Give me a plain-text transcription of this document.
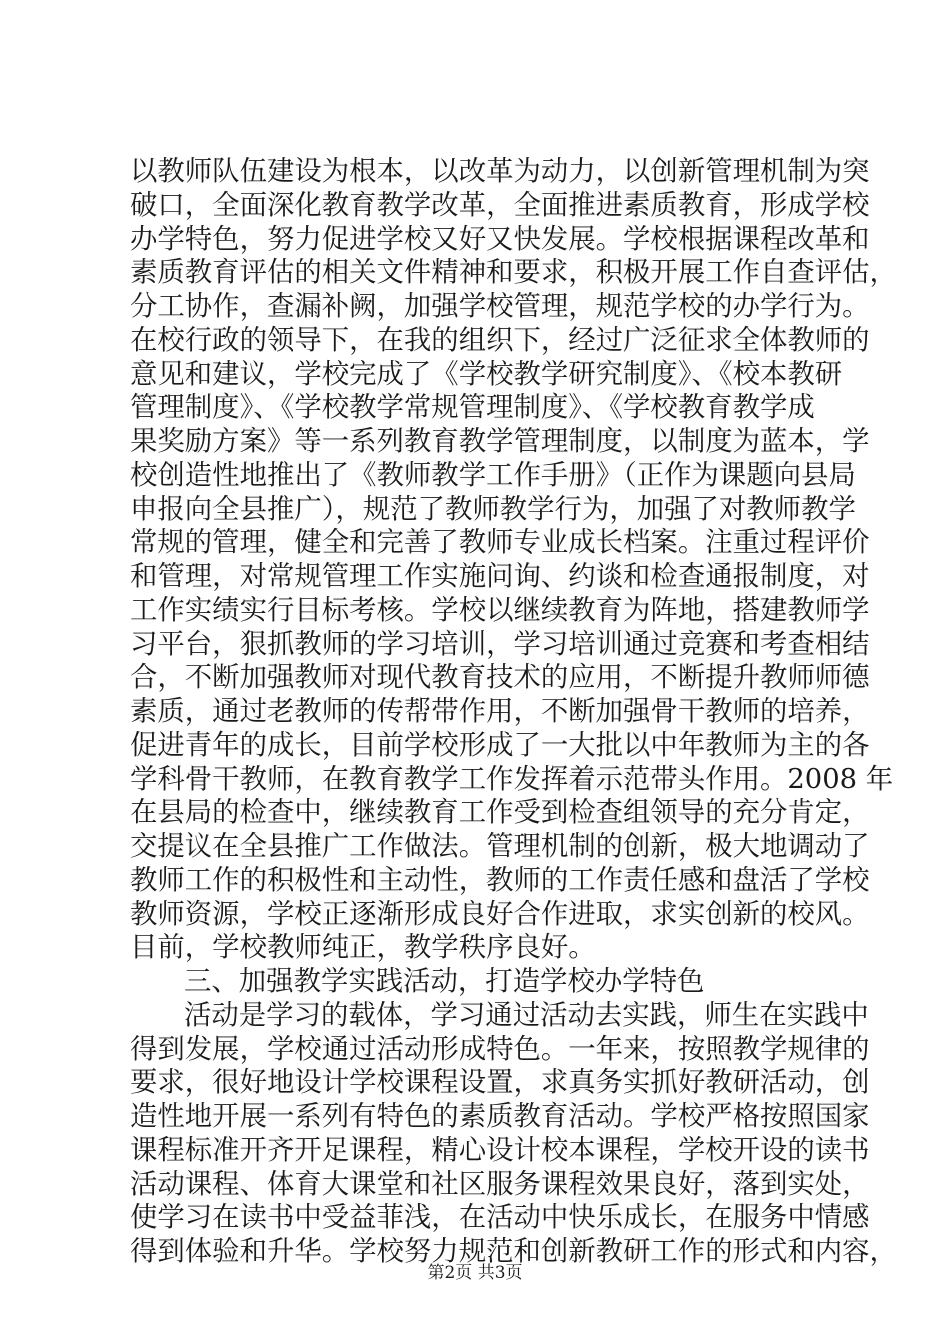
以教师队伍建设为根本，以改革为动力，以创新管理机制为突
破口，全面深化教育教学改革，全面推进素质教育，形成学校
办学特色，努力促进学校又好又快发展。学校根据课程改革和
素质教育评估的相关文件精神和要求，积极开展工作自查评估，
分工协作，查漏补阙，加强学校管理，规范学校的办学行为。
在校行政的领导下，在我的组织下，经过广泛征求全体教师的
意见和建议，学校完成了《学校教学研究制度》、《校本教研
管理制度》、《学校教学常规管理制度》、《学校教育教学成
果奖励方案》等一系列教育教学管理制度，以制度为蓝本，学
校创造性地推出了《教师教学工作手册》（正作为课题向县局
申报向全县推广），规范了教师教学行为，加强了对教师教学
常规的管理，健全和完善了教师专业成长档案。注重过程评价
和管理，对常规管理工作实施问询、约谈和检查通报制度，对
工作实绩实行目标考核。学校以继续教育为阵地，搭建教师学
习平台，狠抓教师的学习培训，学习培训通过竞赛和考查相结
合，不断加强教师对现代教育技术的应用，不断提升教师师德
素质，通过老教师的传帮带作用，不断加强骨干教师的培养，
促进青年的成长，目前学校形成了一大批以中年教师为主的各
学科骨干教师，在教育教学工作发挥着示范带头作用。2008 年
在县局的检查中，继续教育工作受到检查组领导的充分肯定，
交提议在全县推广工作做法。管理机制的创新，极大地调动了
教师工作的积极性和主动性，教师的工作责任感和盘活了学校
教师资源，学校正逐渐形成良好合作进取，求实创新的校风。
目前，学校教师纯正，教学秩序良好。
三、加强教学实践活动，打造学校办学特色
活动是学习的载体，学习通过活动去实践，师生在实践中
得到发展，学校通过活动形成特色。一年来，按照教学规律的
要求，很好地设计学校课程设置，求真务实抓好教研活动，创
造性地开展一系列有特色的素质教育活动。学校严格按照国家
课程标准开齐开足课程，精心设计校本课程，学校开设的读书
活动课程、体育大课堂和社区服务课程效果良好，落到实处，
使学习在读书中受益菲浅，在活动中快乐成长，在服务中情感
得到体验和升华。学校努力规范和创新教研工作的形式和内容，
第2页 共3页
